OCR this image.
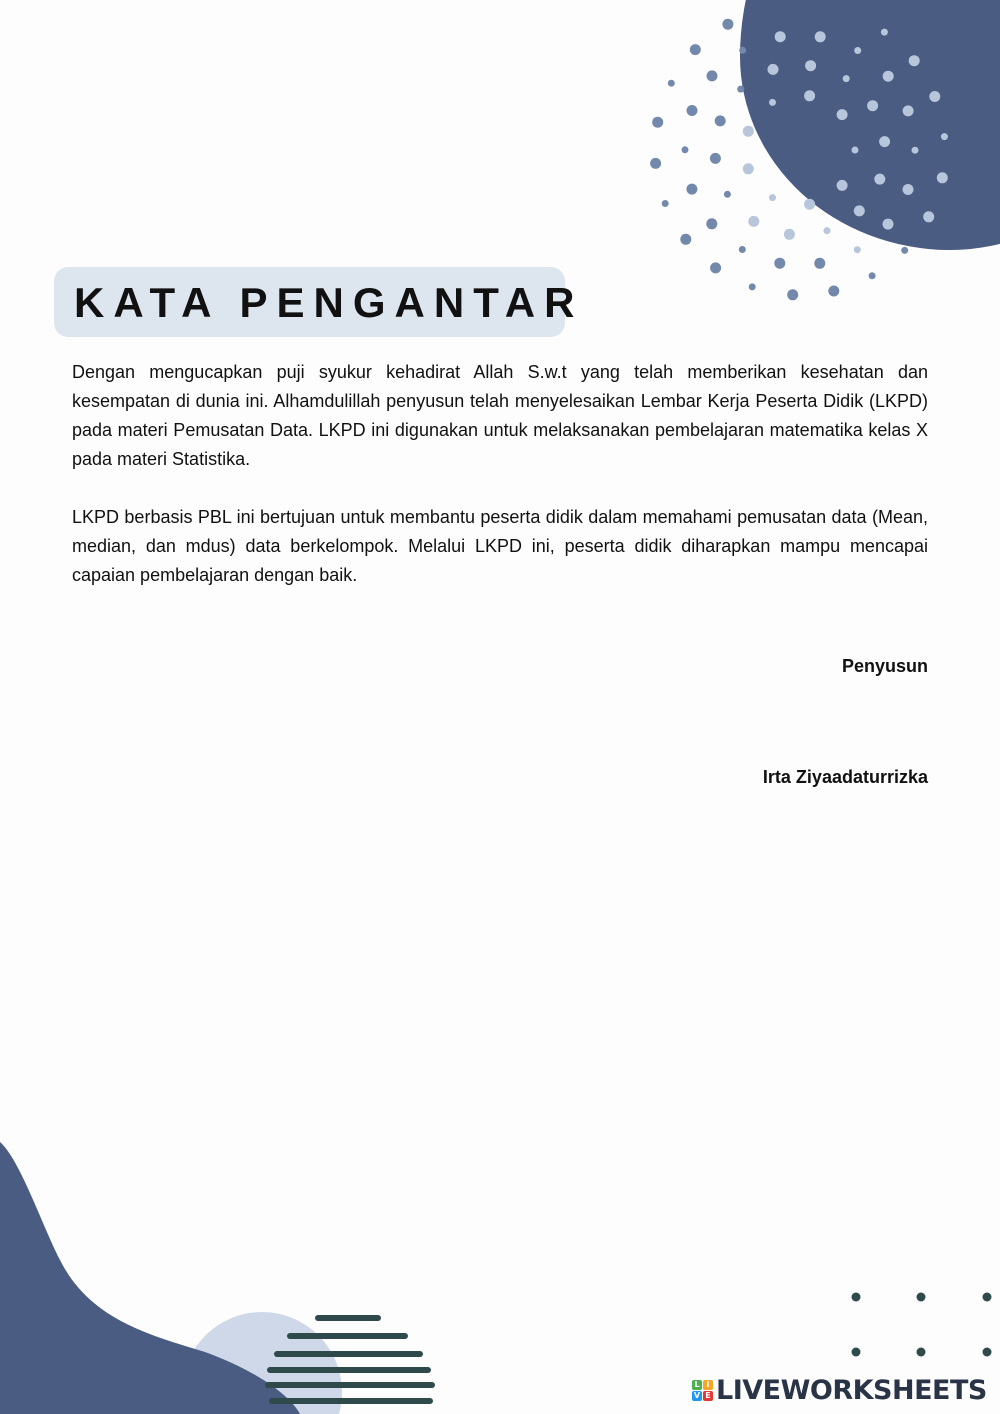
KATA PENGANTAR

Dengan mengucapkan puji syukur kehadirat Allah S.w.t yang telah memberikan kesehatan dan kesempatan di dunia ini. Alhamdulillah penyusun telah menyelesaikan Lembar Kerja Peserta Didik (LKPD) pada materi Pemusatan Data. LKPD ini digunakan untuk melaksanakan pembelajaran matematika kelas X pada materi Statistika.

LKPD berbasis PBL ini bertujuan untuk membantu peserta didik dalam memahami pemusatan data (Mean, median, dan mdus) data berkelompok. Melalui LKPD ini, peserta didik diharapkan mampu mencapai capaian pembelajaran dengan baik.

Penyusun
Irta Ziyaadaturrizka
L I
V E LIVEWORKSHEETS
